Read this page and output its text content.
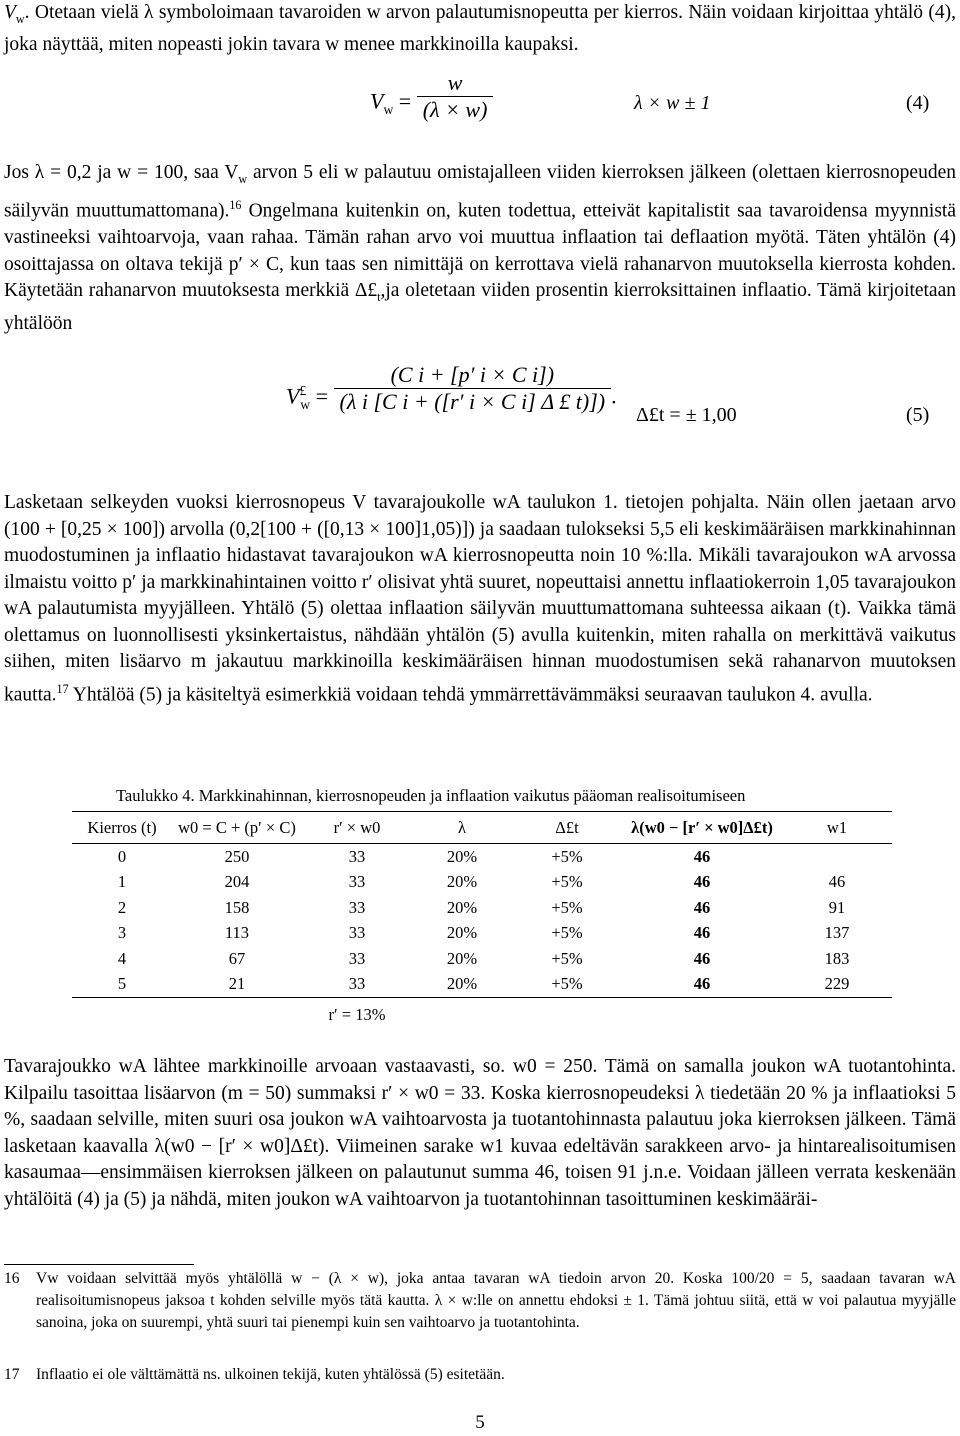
$V_w$. Otetaan vielä λ symboloimaan tavaroiden w arvon palautumisnopeutta per kierros. Näin voidaan kirjoittaa yhtälö (4), joka näyttää, miten nopeasti jokin tavara w menee markkinoilla kaupaksi.

$V_w = \frac{w}{(\lambda \times w)}$	λ × w ± 1	(4)

Jos λ = 0,2 ja w = 100, saa $V_w$ arvon 5 eli w palautuu omistajalleen viiden kierroksen jälkeen (olettaen kierrosnopeuden säilyvän muuttumattomana).$^{16}$ Ongelmana kuitenkin on, kuten todettua, etteivät kapitalistit saa tavaroidensa myynnistä vastineeksi vaihtoarvoja, vaan rahaa. Tämän rahan arvo voi muuttua inflaation tai deflaation myötä. Täten yhtälön (4) osoittajassa on oltava tekijä p′ × C, kun taas sen nimittäjä on kerrottava vielä rahanarvon muutoksella kierrosta kohden. Käytetään rahanarvon muutoksesta merkkiä $\Delta£_t,ja$ oletetaan viiden prosentin kierroksittainen inflaatio. Tämä kirjoitetaan yhtälöön

$V^£_w = \frac{\text{(C i + [p′ i × C i])}}{\text{(λ i [C i + ([r′ i × C i] Δ £ t)])}}$ .
Δ£t = ± 1,00	(5)

Lasketaan selkeyden vuoksi kierrosnopeus V tavarajoukolle wA taulukon 1. tietojen pohjalta. Näin ollen jaetaan arvo (100 + [0,25 × 100]) arvolla (0,2[100 + ([0,13 × 100]1,05)]) ja saadaan tulokseksi 5,5 eli keskimääräisen markkinahinnan muodostuminen ja inflaatio hidastavat tavarajoukon wA kierrosnopeutta noin 10 %:lla. Mikäli tavarajoukon wA arvossa ilmaistu voitto p′ ja markkinahintainen voitto r′ olisivat yhtä suuret, nopeuttaisi annettu inflaatiokerroin 1,05 tavarajoukon wA palautumista myyjälleen. Yhtälö (5) olettaa inflaation säilyvän muuttumattomana suhteessa aikaan (t). Vaikka tämä olettamus on luonnollisesti yksinkertaistus, nähdään yhtälön (5) avulla kuitenkin, miten rahalla on merkittävä vaikutus siihen, miten lisäarvo m jakautuu markkinoilla keskimääräisen hinnan muodostumisen sekä rahanarvon muutoksen kautta.$^{17}$ Yhtälöä (5) ja käsiteltyä esimerkkiä voidaan tehdä ymmärrettävämmäksi seuraavan taulukon 4. avulla.

Taulukko 4. Markkinahinnan, kierrosnopeuden ja inflaation vaikutus pääoman realisoitumiseen
Kierros (t)	w0 = C + (p′ × C)	r′ × w0	λ	Δ£t	λ(w0 − [r′ × w0]Δ£t)	w1
0	250	33	20%	+5%	46	
1	204	33	20%	+5%	46	46
2	158	33	20%	+5%	46	91
3	113	33	20%	+5%	46	137
4	67	33	20%	+5%	46	183
5	21	33	20%	+5%	46	229
		r′ = 13%				

Tavarajoukko wA lähtee markkinoille arvoaan vastaavasti, so. w0 = 250. Tämä on samalla joukon wA tuotantohinta. Kilpailu tasoittaa lisäarvon (m = 50) summaksi r′ × w0 = 33. Koska kierrosnopeudeksi λ tiedetään 20 % ja inflaatioksi 5 %, saadaan selville, miten suuri osa joukon wA vaihtoarvosta ja tuotantohinnasta palautuu joka kierroksen jälkeen. Tämä lasketaan kaavalla λ(w0 − [r′ × w0]Δ£t). Viimeinen sarake w1 kuvaa edeltävän sarakkeen arvo- ja hintarealisoitumisen kasaumaa—ensimmäisen kierroksen jälkeen on palautunut summa 46, toisen 91 j.n.e. Voidaan jälleen verrata keskenään yhtälöitä (4) ja (5) ja nähdä, miten joukon wA vaihtoarvon ja tuotantohinnan tasoittuminen keskimääräi-

16 Vw voidaan selvittää myös yhtälöllä w − (λ × w), joka antaa tavaran wA tiedoin arvon 20. Koska 100/20 = 5, saadaan tavaran wA realisoitumisnopeus jaksoa t kohden selville myös tätä kautta. λ × w:lle on annettu ehdoksi ± 1. Tämä johtuu siitä, että w voi palautua myyjälle sanoina, joka on suurempi, yhtä suuri tai pienempi kuin sen vaihtoarvo ja tuotantohinta.
17 Inflaatio ei ole välttämättä ns. ulkoinen tekijä, kuten yhtälössä (5) esitetään.
5
